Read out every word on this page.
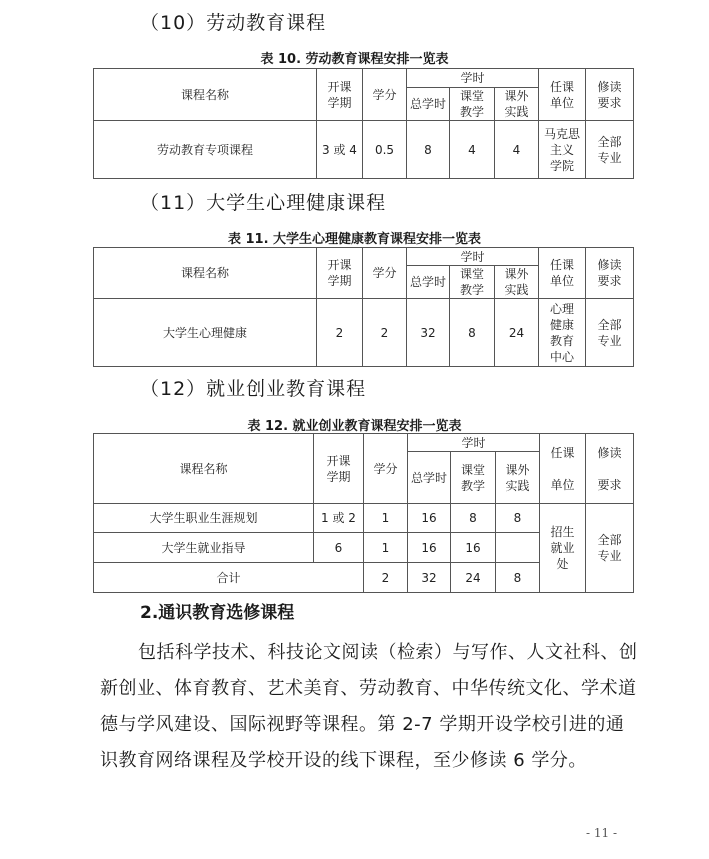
（10）劳动教育课程
表 10. 劳动教育课程安排一览表
课程名称	开课
学期	学分	学时			任课
单位	修读
要求
			总学时	课堂
教学	课外
实践		
劳动教育专项课程	3 或 4	0.5	8	4	4	马克思
主义
学院	全部
专业
（11）大学生心理健康课程
表 11. 大学生心理健康教育课程安排一览表
课程名称	开课
学期	学分	学时			任课
单位	修读
要求
			总学时	课堂
教学	课外
实践		
大学生心理健康	2	2	32	8	24	心理
健康
教育
中心	全部
专业
（12）就业创业教育课程
表 12. 就业创业教育课程安排一览表
课程名称	开课
学期	学分	学时			任课

单位	修读

要求
			总学时	课堂
教学	课外
实践		
大学生职业生涯规划	1 或 2	1	16	8	8	招生
就业
处	全部
专业
大学生就业指导	6	1	16	16			
合计		2	32	24	8		
2.通识教育选修课程
包括科学技术、科技论文阅读（检索）与写作、人文社科、创新创业、体育教育、艺术美育、劳动教育、中华传统文化、学术道德与学风建设、国际视野等课程。第 2-7 学期开设学校引进的通识教育网络课程及学校开设的线下课程，至少修读 6 学分。
- 11 -
